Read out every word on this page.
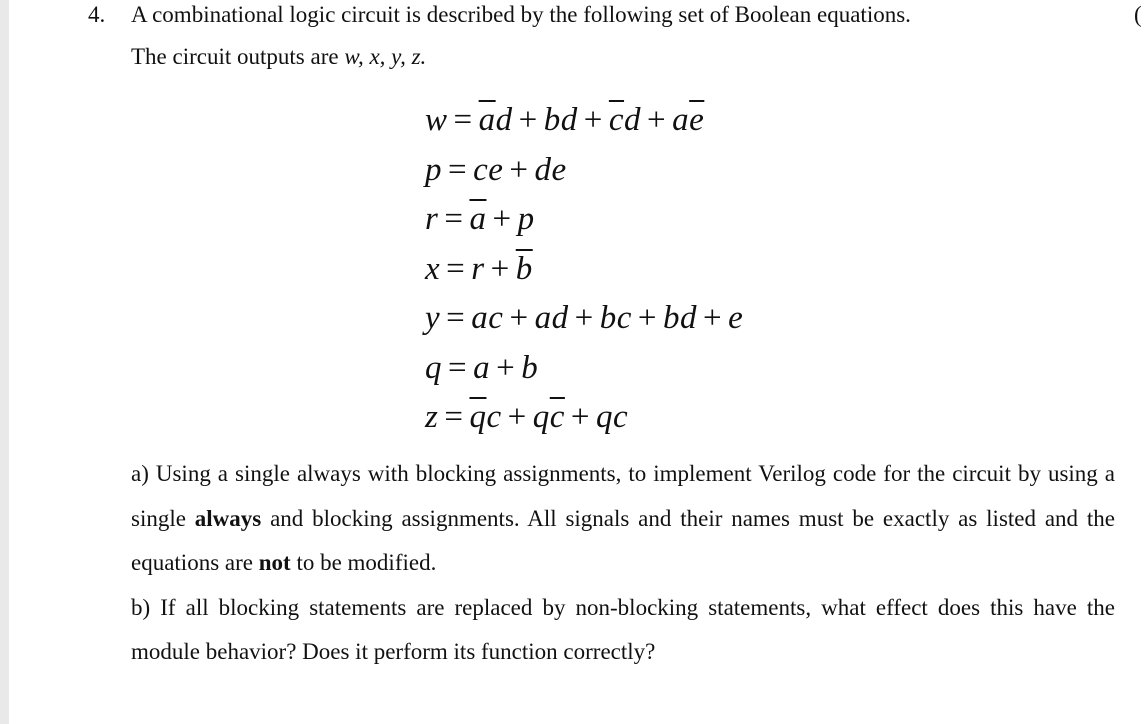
4.	(
A combinational logic circuit is described by the following set of Boolean equations.
The circuit outputs are w, x, y, z.
$w = \overline{a}d$ + bd + $\overline{c}d + a\overline{e}$
p = ce + de
$r = \overline{a} + p$
$x = r + \overline{b}$
y = ac + ad + bc + bd + e
q = a + b
$z = \overline{q}c + q\overline{c}$ + qc

a) Using a single always with blocking assignments, to implement Verilog code for the circuit by using a single always and blocking assignments. All signals and their names must be exactly as listed and the equations are not to be modified.

b) If all blocking statements are replaced by non-blocking statements, what effect does this have the module behavior? Does it perform its function correctly?
